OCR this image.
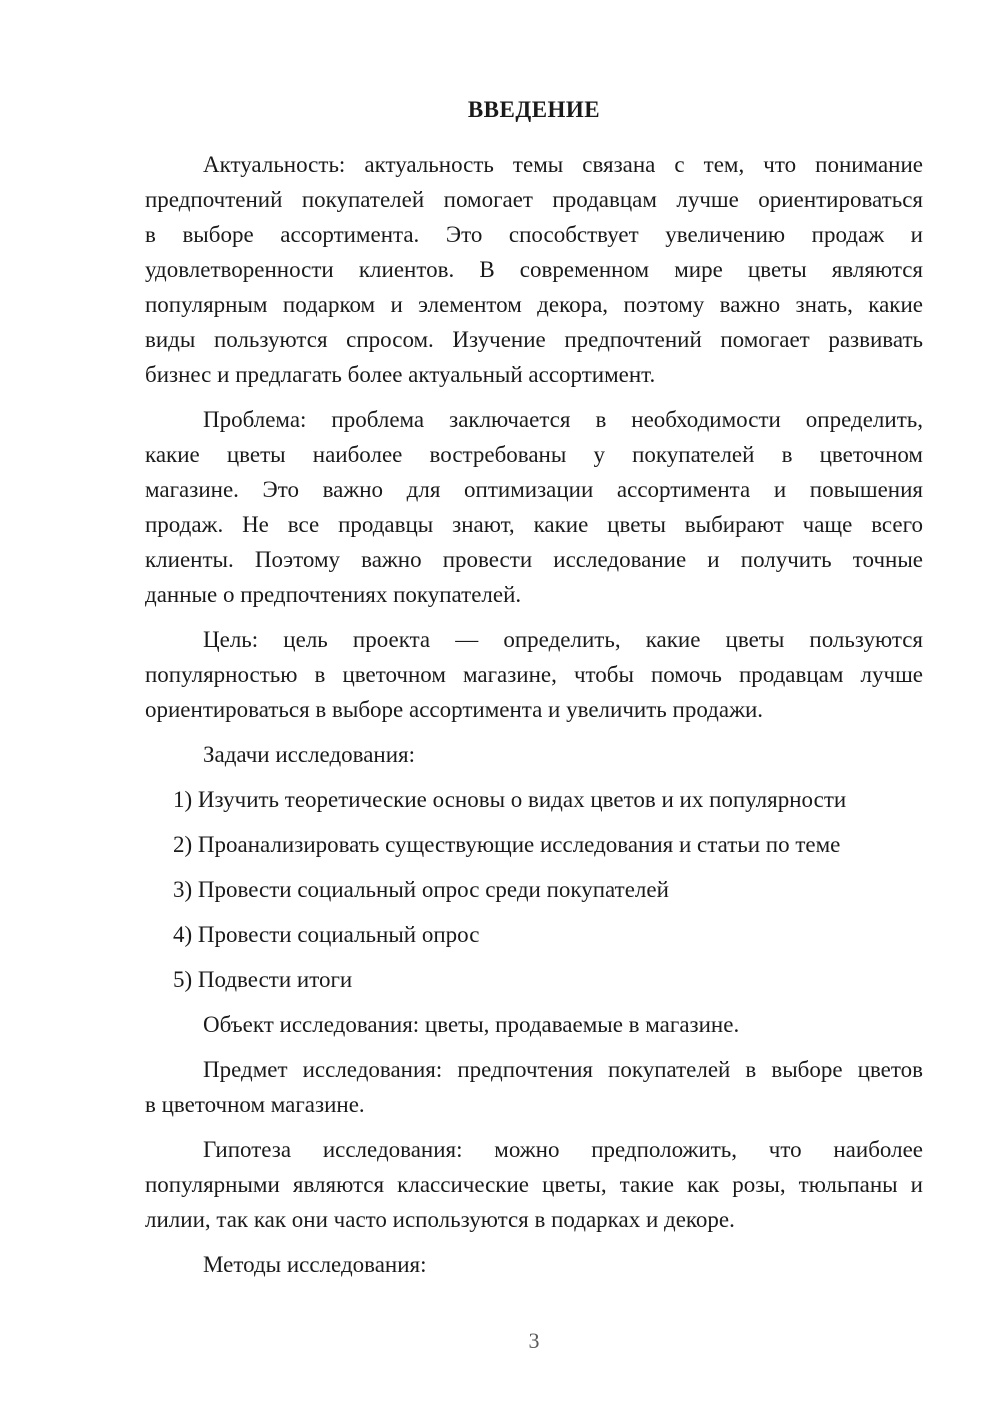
ВВЕДЕНИЕ
Актуальность: актуальность темы связана с тем, что понимание
предпочтений покупателей помогает продавцам лучше ориентироваться
в выборе ассортимента. Это способствует увеличению продаж и
удовлетворенности клиентов. В современном мире цветы являются
популярным подарком и элементом декора, поэтому важно знать, какие
виды пользуются спросом. Изучение предпочтений помогает развивать
бизнес и предлагать более актуальный ассортимент.
Проблема: проблема заключается в необходимости определить,
какие цветы наиболее востребованы у покупателей в цветочном
магазине. Это важно для оптимизации ассортимента и повышения
продаж. Не все продавцы знают, какие цветы выбирают чаще всего
клиенты. Поэтому важно провести исследование и получить точные
данные о предпочтениях покупателей.
Цель: цель проекта — определить, какие цветы пользуются
популярностью в цветочном магазине, чтобы помочь продавцам лучше
ориентироваться в выборе ассортимента и увеличить продажи.
Задачи исследования:
1) Изучить теоретические основы о видах цветов и их популярности
2) Проанализировать существующие исследования и статьи по теме
3) Провести социальный опрос среди покупателей
4) Провести социальный опрос
5) Подвести итоги
Объект исследования: цветы, продаваемые в магазине.
Предмет исследования: предпочтения покупателей в выборе цветов
в цветочном магазине.
Гипотеза исследования: можно предположить, что наиболее
популярными являются классические цветы, такие как розы, тюльпаны и
лилии, так как они часто используются в подарках и декоре.
Методы исследования:
3
